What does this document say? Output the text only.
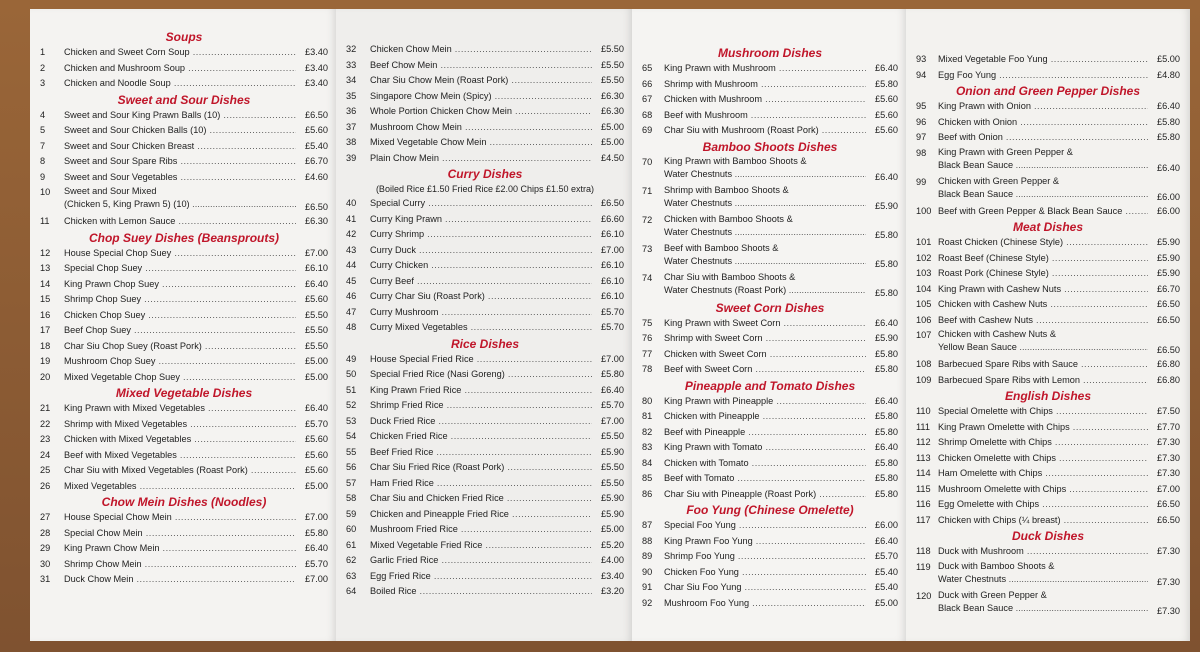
Soups
1	Chicken and Sweet Corn Soup .....	£3.40
2	Chicken and Mushroom Soup .....	£3.40
3	Chicken and Noodle Soup .....	£3.40
Sweet and Sour Dishes
4	Sweet and Sour King Prawn Balls (10) .....	£6.50
5	Sweet and Sour Chicken Balls (10) .....	£5.60
7	Sweet and Sour Chicken Breast .....	£5.40
8	Sweet and Sour Spare Ribs .....	£6.70
9	Sweet and Sour Vegetables .....	£4.60
10	Sweet and Sour Mixed
(Chicken 5, King Prawn 5) (10) .....	£6.50
11	Chicken with Lemon Sauce .....	£6.30
Chop Suey Dishes (Beansprouts)
12	House Special Chop Suey .....	£7.00
13	Special Chop Suey .....	£6.10
14	King Prawn Chop Suey .....	£6.40
15	Shrimp Chop Suey .....	£5.60
16	Chicken Chop Suey .....	£5.50
17	Beef Chop Suey .....	£5.50
18	Char Siu Chop Suey (Roast Pork) .....	£5.50
19	Mushroom Chop Suey .....	£5.00
20	Mixed Vegetable Chop Suey .....	£5.00
Mixed Vegetable Dishes
21	King Prawn with Mixed Vegetables .....	£6.40
22	Shrimp with Mixed Vegetables .....	£5.70
23	Chicken with Mixed Vegetables .....	£5.60
24	Beef with Mixed Vegetables .....	£5.60
25	Char Siu with Mixed Vegetables (Roast Pork) .....	£5.60
26	Mixed Vegetables .....	£5.00
Chow Mein Dishes (Noodles)
27	House Special Chow Mein .....	£7.00
28	Special Chow Mein .....	£5.80
29	King Prawn Chow Mein .....	£6.40
30	Shrimp Chow Mein .....	£5.70
31	Duck Chow Mein .....	£7.00
32	Chicken Chow Mein .....	£5.50
33	Beef Chow Mein .....	£5.50
34	Char Siu Chow Mein (Roast Pork) .....	£5.50
35	Singapore Chow Mein (Spicy) .....	£6.30
36	Whole Portion Chicken Chow Mein .....	£6.30
37	Mushroom Chow Mein .....	£5.00
38	Mixed Vegetable Chow Mein .....	£5.00
39	Plain Chow Mein .....	£4.50
Curry Dishes
(Boiled Rice £1.50 Fried Rice £2.00 Chips £1.50 extra)
40	Special Curry .....	£6.50
41	Curry King Prawn .....	£6.60
42	Curry Shrimp .....	£6.10
43	Curry Duck .....	£7.00
44	Curry Chicken .....	£6.10
45	Curry Beef .....	£6.10
46	Curry Char Siu (Roast Pork) .....	£6.10
47	Curry Mushroom .....	£5.70
48	Curry Mixed Vegetables .....	£5.70
Rice Dishes
49	House Special Fried Rice .....	£7.00
50	Special Fried Rice (Nasi Goreng) .....	£5.80
51	King Prawn Fried Rice .....	£6.40
52	Shrimp Fried Rice .....	£5.70
53	Duck Fried Rice .....	£7.00
54	Chicken Fried Rice .....	£5.50
55	Beef Fried Rice .....	£5.90
56	Char Siu Fried Rice (Roast Pork) .....	£5.50
57	Ham Fried Rice .....	£5.50
58	Char Siu and Chicken Fried Rice .....	£5.90
59	Chicken and Pineapple Fried Rice .....	£5.90
60	Mushroom Fried Rice .....	£5.00
61	Mixed Vegetable Fried Rice .....	£5.20
62	Garlic Fried Rice .....	£4.00
63	Egg Fried Rice .....	£3.40
64	Boiled Rice .....	£3.20
Mushroom Dishes
65	King Prawn with Mushroom .....	£6.40
66	Shrimp with Mushroom .....	£5.80
67	Chicken with Mushroom .....	£5.60
68	Beef with Mushroom .....	£5.60
69	Char Siu with Mushroom (Roast Pork) .....	£5.60
Bamboo Shoots Dishes
70	King Prawn with Bamboo Shoots &
Water Chestnuts .....	£6.40
71	Shrimp with Bamboo Shoots &
Water Chestnuts .....	£5.90
72	Chicken with Bamboo Shoots &
Water Chestnuts .....	£5.80
73	Beef with Bamboo Shoots &
Water Chestnuts .....	£5.80
74	Char Siu with Bamboo Shoots &
Water Chestnuts (Roast Pork) .....	£5.80
Sweet Corn Dishes
75	King Prawn with Sweet Corn .....	£6.40
76	Shrimp with Sweet Corn .....	£5.90
77	Chicken with Sweet Corn .....	£5.80
78	Beef with Sweet Corn .....	£5.80
Pineapple and Tomato Dishes
80	King Prawn with Pineapple .....	£6.40
81	Chicken with Pineapple .....	£5.80
82	Beef with Pineapple .....	£5.80
83	King Prawn with Tomato .....	£6.40
84	Chicken with Tomato .....	£5.80
85	Beef with Tomato .....	£5.80
86	Char Siu with Pineapple (Roast Pork) .....	£5.80
Foo Yung (Chinese Omelette)
87	Special Foo Yung .....	£6.00
88	King Prawn Foo Yung .....	£6.40
89	Shrimp Foo Yung .....	£5.70
90	Chicken Foo Yung .....	£5.40
91	Char Siu Foo Yung .....	£5.40
92	Mushroom Foo Yung .....	£5.00
93	Mixed Vegetable Foo Yung .....	£5.00
94	Egg Foo Yung .....	£4.80
Onion and Green Pepper Dishes
95	King Prawn with Onion .....	£6.40
96	Chicken with Onion .....	£5.80
97	Beef with Onion .....	£5.80
98	King Prawn with Green Pepper &
Black Bean Sauce .....	£6.40
99	Chicken with Green Pepper &
Black Bean Sauce .....	£6.00
100 Beef with Green Pepper & Black Bean Sauce .....	£6.00
Meat Dishes
101 Roast Chicken (Chinese Style) .....	£5.90
102 Roast Beef (Chinese Style) .....	£5.90
103 Roast Pork (Chinese Style) .....	£5.90
104 King Prawn with Cashew Nuts .....	£6.70
105 Chicken with Cashew Nuts .....	£6.50
106 Beef with Cashew Nuts .....	£6.50
107 Chicken with Cashew Nuts &
Yellow Bean Sauce .....	£6.50
108 Barbecued Spare Ribs with Sauce .....	£6.80
109 Barbecued Spare Ribs with Lemon .....	£6.80
English Dishes
110 Special Omelette with Chips .....	£7.50
111 King Prawn Omelette with Chips .....	£7.70
112 Shrimp Omelette with Chips .....	£7.30
113 Chicken Omelette with Chips .....	£7.30
114 Ham Omelette with Chips .....	£7.30
115 Mushroom Omelette with Chips .....	£7.00
116 Egg Omelette with Chips .....	£6.50
117 Chicken with Chips (¼ breast) .....	£6.50
Duck Dishes
118 Duck with Mushroom .....	£7.30
119 Duck with Bamboo Shoots &
Water Chestnuts .....	£7.30
120 Duck with Green Pepper &
Black Bean Sauce .....	£7.30
